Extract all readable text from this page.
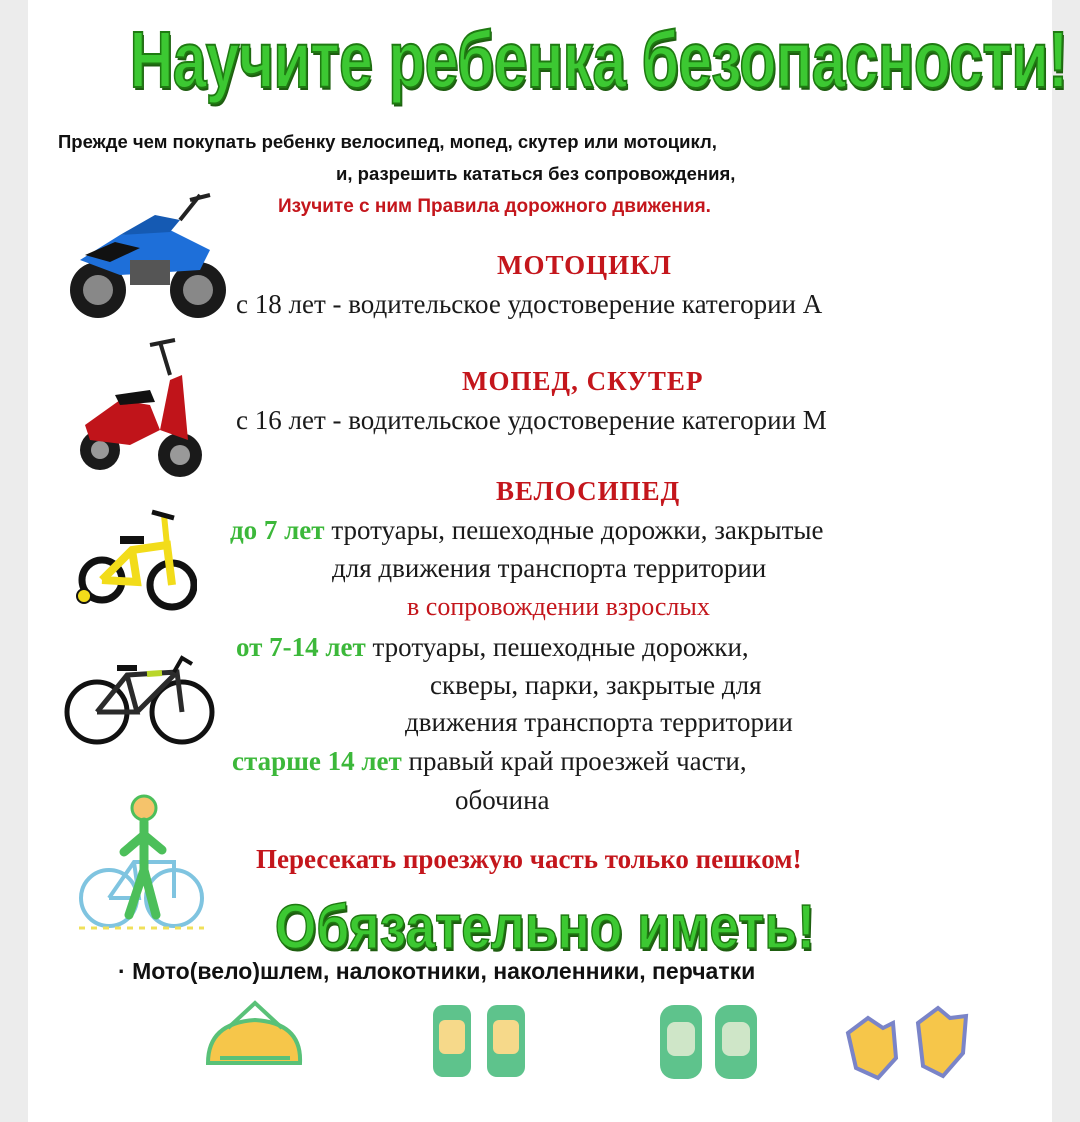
Научите ребенка безопасности!
Прежде чем покупать ребенку велосипед, мопед, скутер или мотоцикл,
и, разрешить кататься без сопровождения,
Изучите с ним Правила дорожного движения.
МОТОЦИКЛ
с 18 лет - водительское удостоверение категории А
МОПЕД, СКУТЕР
с 16 лет - водительское удостоверение категории М
ВЕЛОСИПЕД
до 7 лет тротуары, пешеходные дорожки, закрытые
для движения транспорта территории
в сопровождении взрослых
от 7-14 лет тротуары, пешеходные дорожки,
скверы, парки, закрытые для
движения транспорта территории
старше 14 лет правый край проезжей части,
обочина
Пересекать проезжую часть только пешком!
Обязательно иметь!
· Мото(вело)шлем, налокотники, наколенники, перчатки
